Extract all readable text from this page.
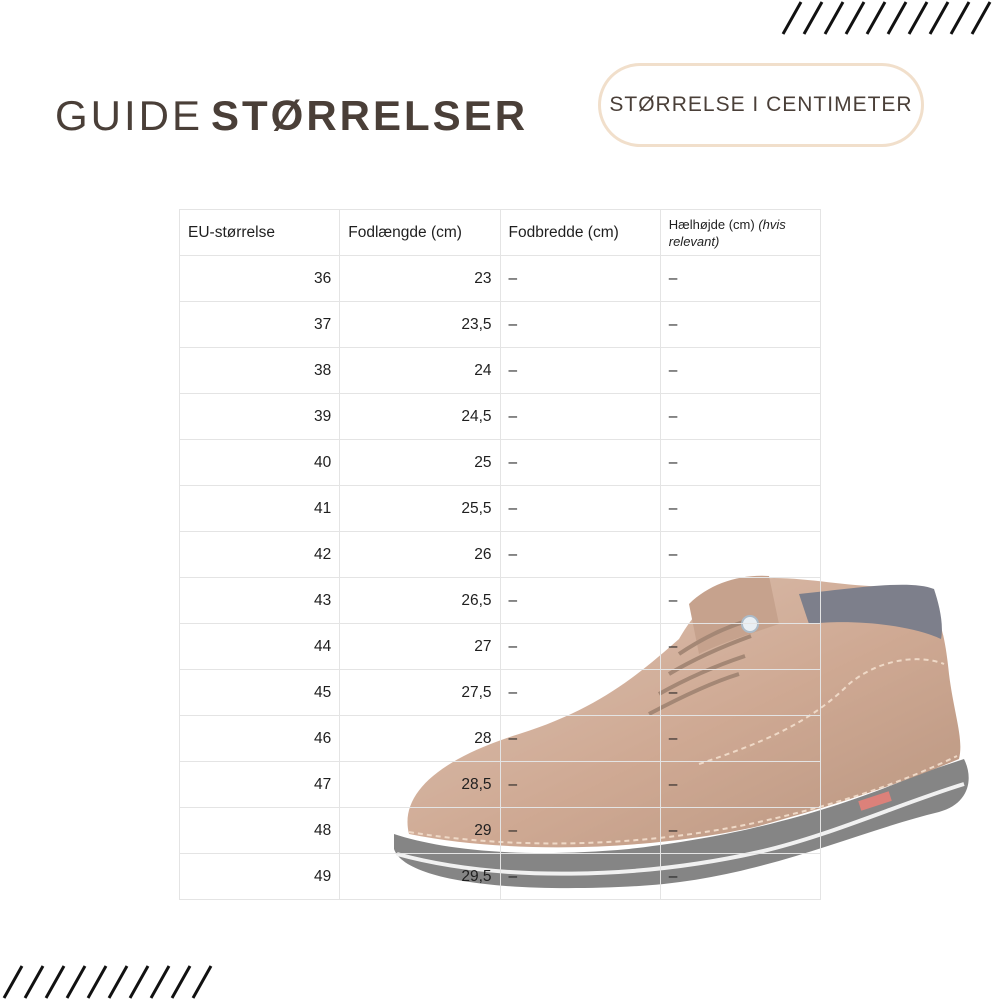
GUIDE STØRRELSER	STØRRELSE I CENTIMETER
EU-størrelse	Fodlængde (cm)	Fodbredde (cm)	Hælhøjde (cm) (hvis relevant)
36	23	–	–
37	23,5	–	–
38	24	–	–
39	24,5	–	–
40	25	–	–
41	25,5	–	–
42	26	–	–
43	26,5	–	–
44	27	–	–
45	27,5	–	–
46	28	–	–
47	28,5	–	–
48	29	–	–
49	29,5	–	–
